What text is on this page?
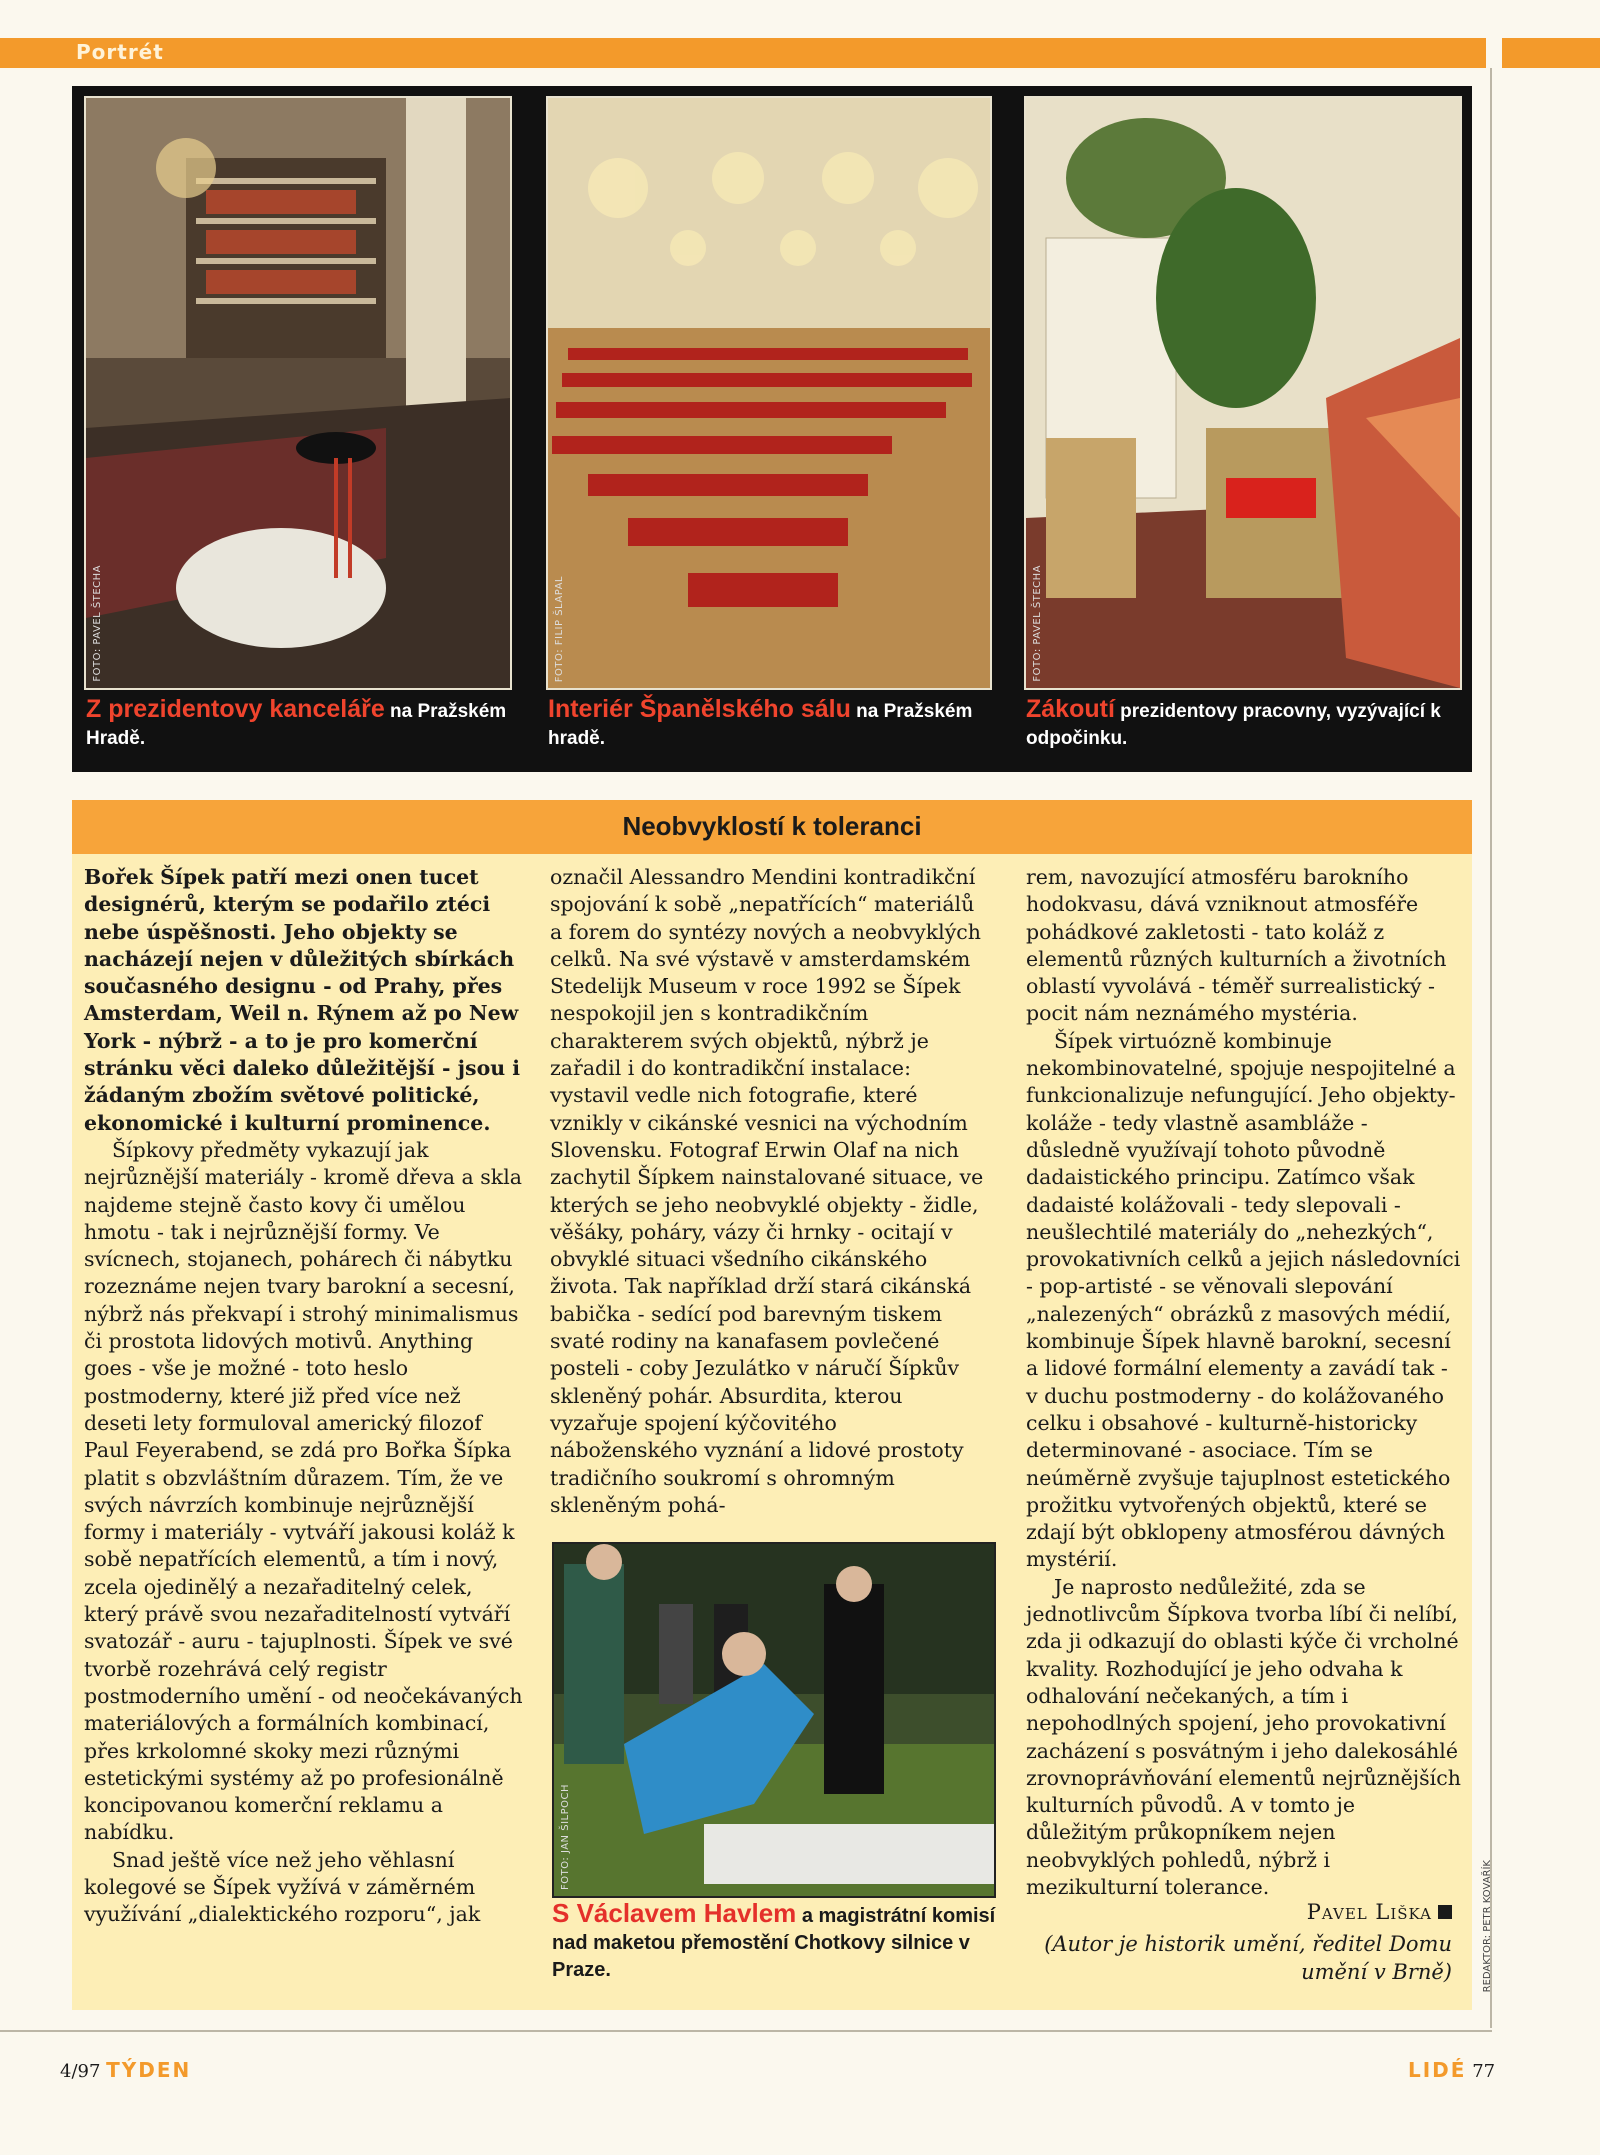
Portrét
FOTO: PAVEL ŠTECHA	FOTO: FILIP ŠLAPAL	FOTO: PAVEL ŠTECHA
Z prezidentovy kanceláře na Pražském Hradě.
Interiér Španělského sálu na Pražském hradě.
Zákoutí prezidentovy pracovny, vyzývající k odpočinku.
Neobvyklostí k toleranci

Bořek Šípek patří mezi onen tucet designérů, kterým se podařilo ztéci nebe úspěšnosti. Jeho objekty se nacházejí nejen v důležitých sbírkách současného designu - od Prahy, přes Amsterdam, Weil n. Rýnem až po New York - nýbrž - a to je pro komerční stránku věci daleko důležitější - jsou i žádaným zbožím světové politické, ekonomické i kulturní prominence.

Šípkovy předměty vykazují jak nejrůznější materiály - kromě dřeva a skla najdeme stejně často kovy či umělou hmotu - tak i nejrůznější formy. Ve svícnech, stojanech, pohárech či nábytku rozeznáme nejen tvary barokní a secesní, nýbrž nás překvapí i strohý minimalismus či prostota lidových motivů. Anything goes - vše je možné - toto heslo postmoderny, které již před více než deseti lety formuloval americký filozof Paul Feyerabend, se zdá pro Bořka Šípka platit s obzvláštním důrazem. Tím, že ve svých návrzích kombinuje nejrůznější formy i materiály - vytváří jakousi koláž k sobě nepatřících elementů, a tím i nový, zcela ojedinělý a nezařaditelný celek, který právě svou nezařaditelností vytváří svatozář - auru - tajuplnosti. Šípek ve své tvorbě rozehrává celý registr postmoderního umění - od neočekávaných materiálových a formálních kombinací, přes krkolomné skoky mezi různými estetickými systémy až po profesionálně koncipovanou komerční reklamu a nabídku.

Snad ještě více než jeho věhlasní kolegové se Šípek vyžívá v záměrném využívání „dialektického rozporu“, jak

označil Alessandro Mendini kontradikční spojování k sobě „nepatřících“ materiálů a forem do syntézy nových a neobvyklých celků. Na své výstavě v amsterdamském Stedelijk Museum v roce 1992 se Šípek nespokojil jen s kontradikčním charakterem svých objektů, nýbrž je zařadil i do kontradikční instalace: vystavil vedle nich fotografie, které vznikly v cikánské vesnici na východním Slovensku. Fotograf Erwin Olaf na nich zachytil Šípkem nainstalované situace, ve kterých se jeho neobvyklé objekty - židle, věšáky, poháry, vázy či hrnky - ocitají v obvyklé situaci všedního cikánského života. Tak například drží stará cikánská babička - sedící pod barevným tiskem svaté rodiny na kanafasem povlečené posteli - coby Jezulátko v náručí Šípkův skleněný pohár. Absurdita, kterou vyzařuje spojení kýčovitého náboženského vyznání a lidové prostoty tradičního soukromí s ohromným skleněným pohá-

FOTO: JAN ŠILPOCH
S Václavem Havlem a magistrátní komisí nad maketou přemostění Chotkovy silnice v Praze.

rem, navozující atmosféru barokního hodokvasu, dává vzniknout atmosféře pohádkové zakletosti - tato koláž z elementů různých kulturních a životních oblastí vyvolává - téměř surrealistický - pocit nám neznámého mystéria.

Šípek virtuózně kombinuje nekombinovatelné, spojuje nespojitelné a funkcionalizuje nefungující. Jeho objekty-koláže - tedy vlastně asambláže - důsledně využívají tohoto původně dadaistického principu. Zatímco však dadaisté kolážovali - tedy slepovali - neušlechtilé materiály do „nehezkých“, provokativních celků a jejich následovníci - pop-artisté - se věnovali slepování „nalezených“ obrázků z masových médií, kombinuje Šípek hlavně barokní, secesní a lidové formální elementy a zavádí tak - v duchu postmoderny - do kolážovaného celku i obsahové - kulturně-historicky determinované - asociace. Tím se neúměrně zvyšuje tajuplnost estetického prožitku vytvořených objektů, které se zdají být obklopeny atmosférou dávných mystérií.

Je naprosto nedůležité, zda se jednotlivcům Šípkova tvorba líbí či nelíbí, zda ji odkazují do oblasti kýče či vrcholné kvality. Rozhodující je jeho odvaha k odhalování nečekaných, a tím i nepohodlných spojení, jeho provokativní zacházení s posvátným i jeho dalekosáhlé zrovnoprávňování elementů nejrůznějších kulturních původů. A v tomto je důležitým průkopníkem nejen neobvyklých pohledů, nýbrž i mezikulturní tolerance.

Pavel Liška
(Autor je historik umění, ředitel Domu umění v Brně)	REDAKTOR: PETR KOVAŘÍK
4/97 TÝDEN	LIDÉ 77
